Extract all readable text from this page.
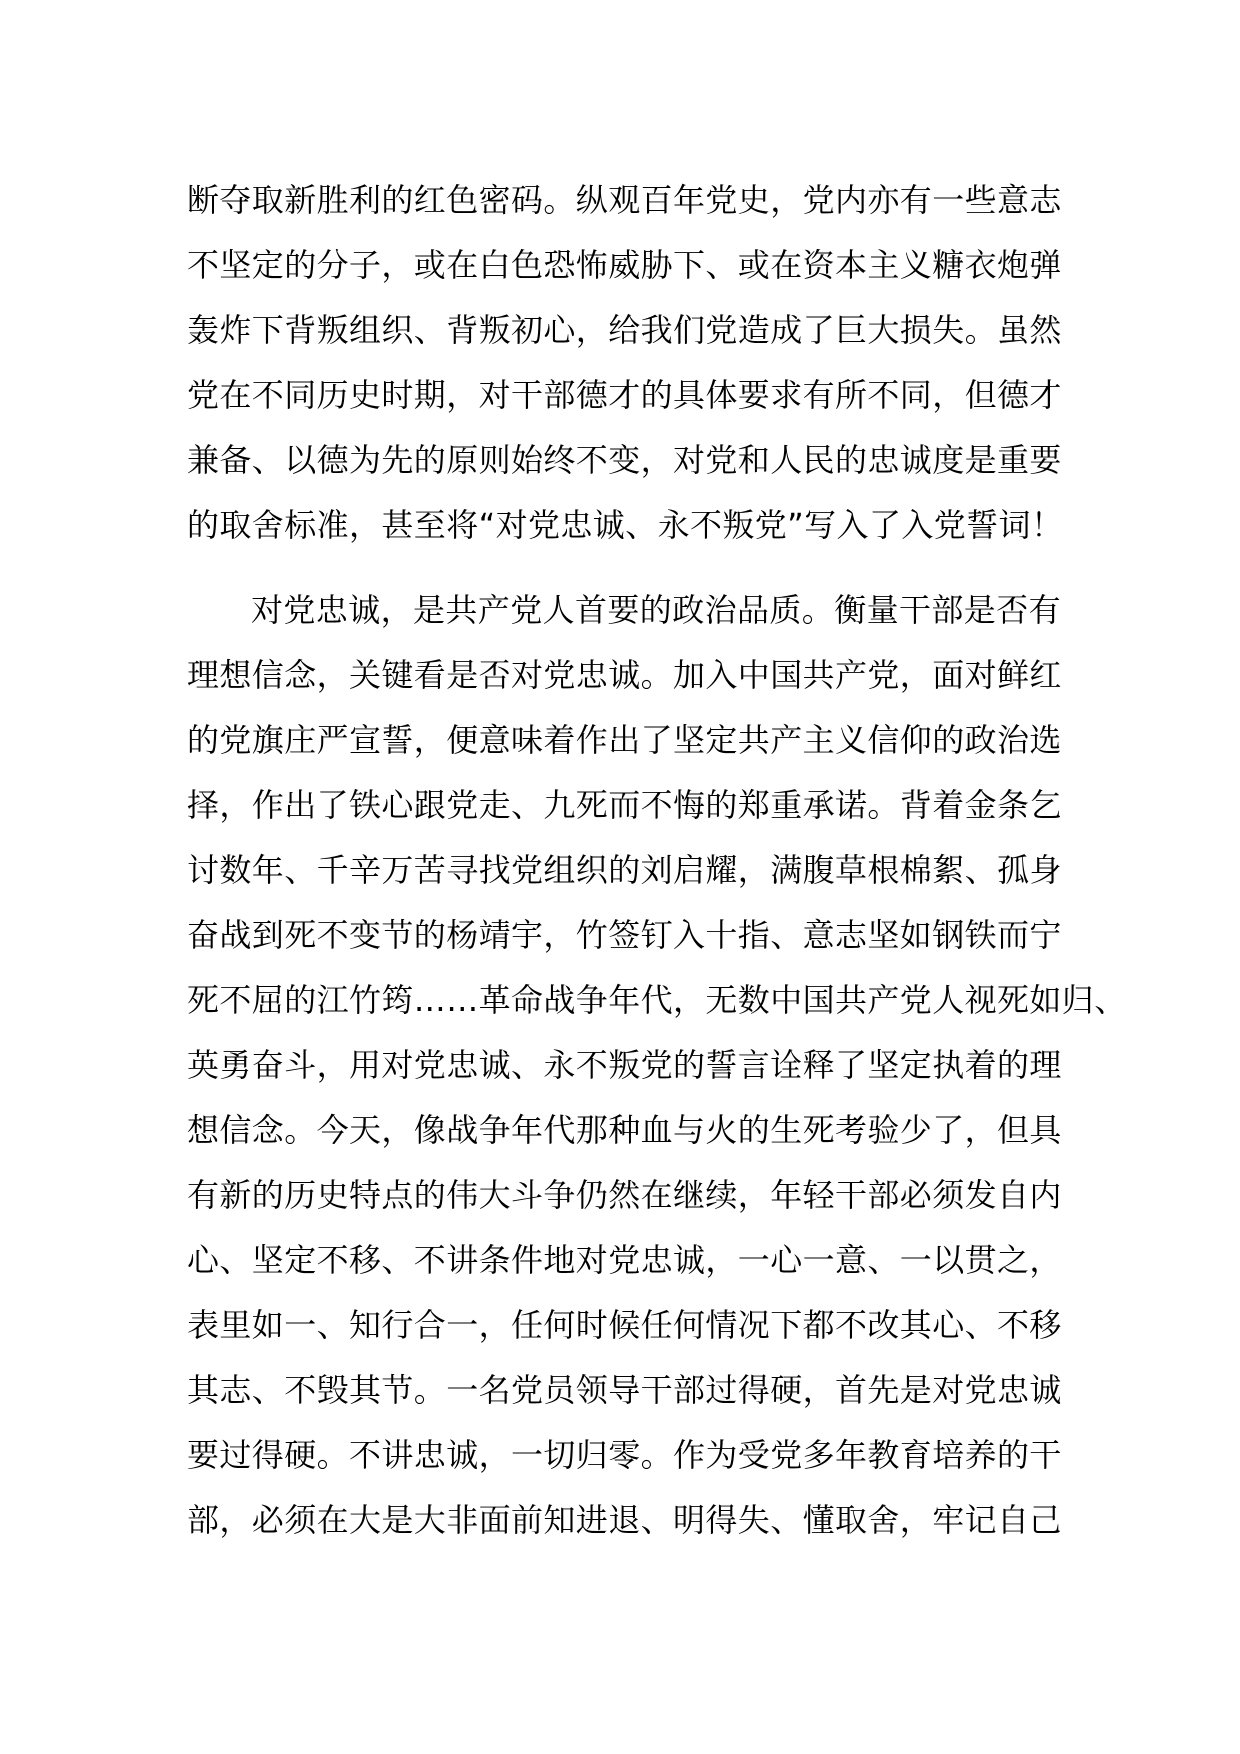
断夺取新胜利的红色密码。纵观百年党史，党内亦有一些意志
不坚定的分子，或在白色恐怖威胁下、或在资本主义糖衣炮弹
轰炸下背叛组织、背叛初心，给我们党造成了巨大损失。虽然
党在不同历史时期，对干部德才的具体要求有所不同，但德才
兼备、以德为先的原则始终不变，对党和人民的忠诚度是重要
的取舍标准，甚至将“对党忠诚、永不叛党”写入了入党誓词！
对党忠诚，是共产党人首要的政治品质。衡量干部是否有
理想信念，关键看是否对党忠诚。加入中国共产党，面对鲜红
的党旗庄严宣誓，便意味着作出了坚定共产主义信仰的政治选
择，作出了铁心跟党走、九死而不悔的郑重承诺。背着金条乞
讨数年、千辛万苦寻找党组织的刘启耀，满腹草根棉絮、孤身
奋战到死不变节的杨靖宇，竹签钉入十指、意志坚如钢铁而宁
死不屈的江竹筠……革命战争年代，无数中国共产党人视死如归、
英勇奋斗，用对党忠诚、永不叛党的誓言诠释了坚定执着的理
想信念。今天，像战争年代那种血与火的生死考验少了，但具
有新的历史特点的伟大斗争仍然在继续，年轻干部必须发自内
心、坚定不移、不讲条件地对党忠诚，一心一意、一以贯之，
表里如一、知行合一，任何时候任何情况下都不改其心、不移
其志、不毁其节。一名党员领导干部过得硬，首先是对党忠诚
要过得硬。不讲忠诚，一切归零。作为受党多年教育培养的干
部，必须在大是大非面前知进退、明得失、懂取舍，牢记自己
